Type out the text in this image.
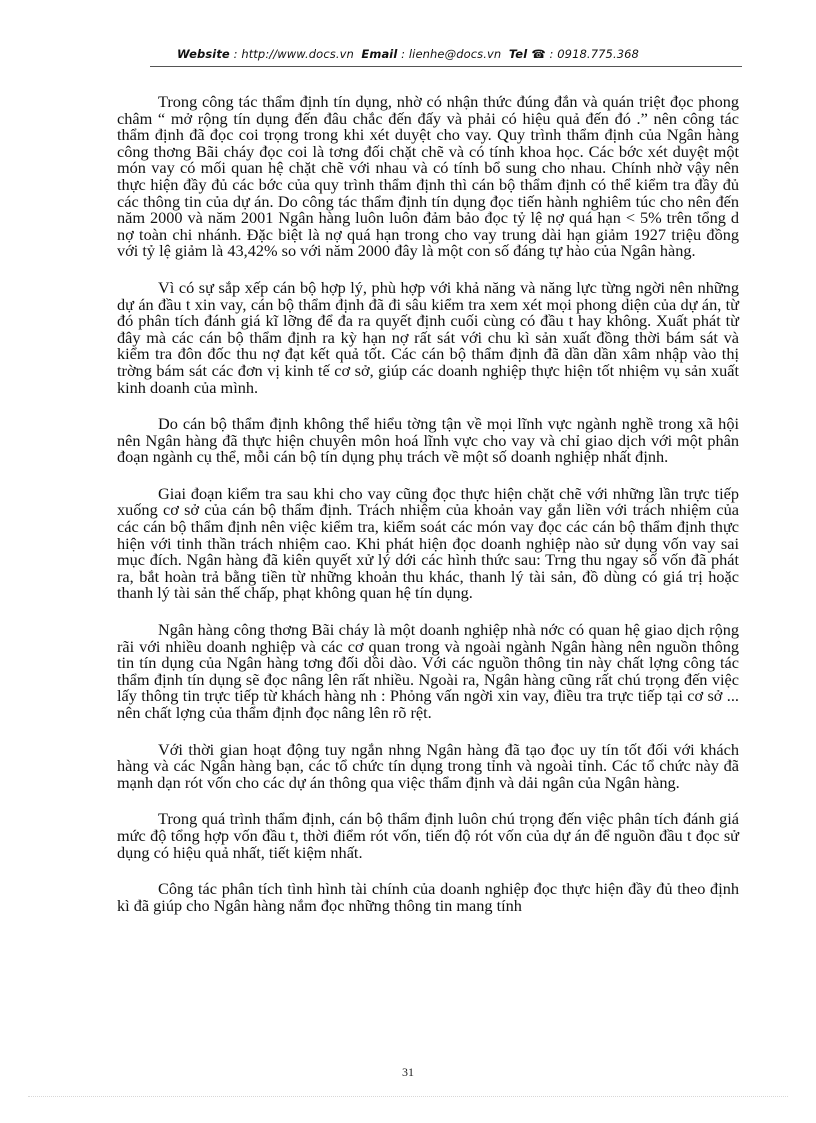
Website : http://www.docs.vn Email : lienhe@docs.vn Tel ☎ : 0918.775.368

Trong công tác thẩm định tín dụng, nhờ có nhận thức đúng đắn và quán triệt đọc phong châm “ mở rộng tín dụng đến đâu chắc đến đấy và phải có hiệu quả đến đó .” nên công tác thẩm định đã đọc coi trọng trong khi xét duyệt cho vay. Quy trình thẩm định của Ngân hàng công thơng Bãi cháy đọc coi là tơng đối chặt chẽ và có tính khoa học. Các bớc xét duyệt một món vay có mối quan hệ chặt chẽ với nhau và có tính bổ sung cho nhau. Chính nhờ vậy nên thực hiện đầy đủ các bớc của quy trình thẩm định thì cán bộ thẩm định có thể kiểm tra đầy đủ các thông tin của dự án. Do công tác thẩm định tín dụng đọc tiến hành nghiêm túc cho nên đến năm 2000 và năm 2001 Ngân hàng luôn luôn đảm bảo đọc tỷ lệ nợ quá hạn < 5% trên tổng d nợ toàn chi nhánh. Đặc biệt là nợ quá hạn trong cho vay trung dài hạn giảm 1927 triệu đồng với tỷ lệ giảm là 43,42% so với năm 2000 đây là một con số đáng tự hào của Ngân hàng.

Vì có sự sắp xếp cán bộ hợp lý, phù hợp với khả năng và năng lực từng ngời nên những dự án đầu t xin vay, cán bộ thẩm định đã đi sâu kiểm tra xem xét mọi phong diện của dự án, từ đó phân tích đánh giá kĩ lỡng để đa ra quyết định cuối cùng có đầu t hay không. Xuất phát từ đây mà các cán bộ thẩm định ra kỳ hạn nợ rất sát với chu kì sản xuất đồng thời bám sát và kiểm tra đôn đốc thu nợ đạt kết quả tốt. Các cán bộ thẩm định đã dần dần xâm nhập vào thị trờng bám sát các đơn vị kinh tế cơ sở, giúp các doanh nghiệp thực hiện tốt nhiệm vụ sản xuất kinh doanh của mình.

Do cán bộ thẩm định không thể hiểu tờng tận về mọi lĩnh vực ngành nghề trong xã hội nên Ngân hàng đã thực hiện chuyên môn hoá lĩnh vực cho vay và chỉ giao dịch với một phân đoạn ngành cụ thể, mỗi cán bộ tín dụng phụ trách về một số doanh nghiệp nhất định.

Giai đoạn kiểm tra sau khi cho vay cũng đọc thực hiện chặt chẽ với những lần trực tiếp xuống cơ sở của cán bộ thẩm định. Trách nhiệm của khoản vay gắn liền với trách nhiệm của các cán bộ thẩm định nên việc kiểm tra, kiểm soát các món vay đọc các cán bộ thẩm định thực hiện với tinh thần trách nhiệm cao. Khi phát hiện đọc doanh nghiệp nào sử dụng vốn vay sai mục đích. Ngân hàng đã kiên quyết xử lý dới các hình thức sau: Trng thu ngay số vốn đã phát ra, bắt hoàn trả bằng tiền từ những khoản thu khác, thanh lý tài sản, đồ dùng có giá trị hoặc thanh lý tài sản thế chấp, phạt không quan hệ tín dụng.

Ngân hàng công thơng Bãi cháy là một doanh nghiệp nhà nớc có quan hệ giao dịch rộng rãi với nhiều doanh nghiệp và các cơ quan trong và ngoài ngành Ngân hàng nên nguồn thông tin tín dụng của Ngân hàng tơng đối dồi dào. Với các nguồn thông tin này chất lợng công tác thẩm định tín dụng sẽ đọc nâng lên rất nhiều. Ngoài ra, Ngân hàng cũng rất chú trọng đến việc lấy thông tin trực tiếp từ khách hàng nh : Phỏng vấn ngời xin vay, điều tra trực tiếp tại cơ sở ... nên chất lợng của thẩm định đọc nâng lên rõ rệt.

Với thời gian hoạt động tuy ngắn nhng Ngân hàng đã tạo đọc uy tín tốt đối với khách hàng và các Ngân hàng bạn, các tổ chức tín dụng trong tỉnh và ngoài tỉnh. Các tổ chức này đã mạnh dạn rót vốn cho các dự án thông qua việc thẩm định và dải ngân của Ngân hàng.

Trong quá trình thẩm định, cán bộ thẩm định luôn chú trọng đến việc phân tích đánh giá mức độ tổng hợp vốn đầu t, thời điểm rót vốn, tiến độ rót vốn của dự án để nguồn đầu t đọc sử dụng có hiệu quả nhất, tiết kiệm nhất.

Công tác phân tích tình hình tài chính của doanh nghiệp đọc thực hiện đầy đủ theo định kì đã giúp cho Ngân hàng nắm đọc những thông tin mang tính

31
